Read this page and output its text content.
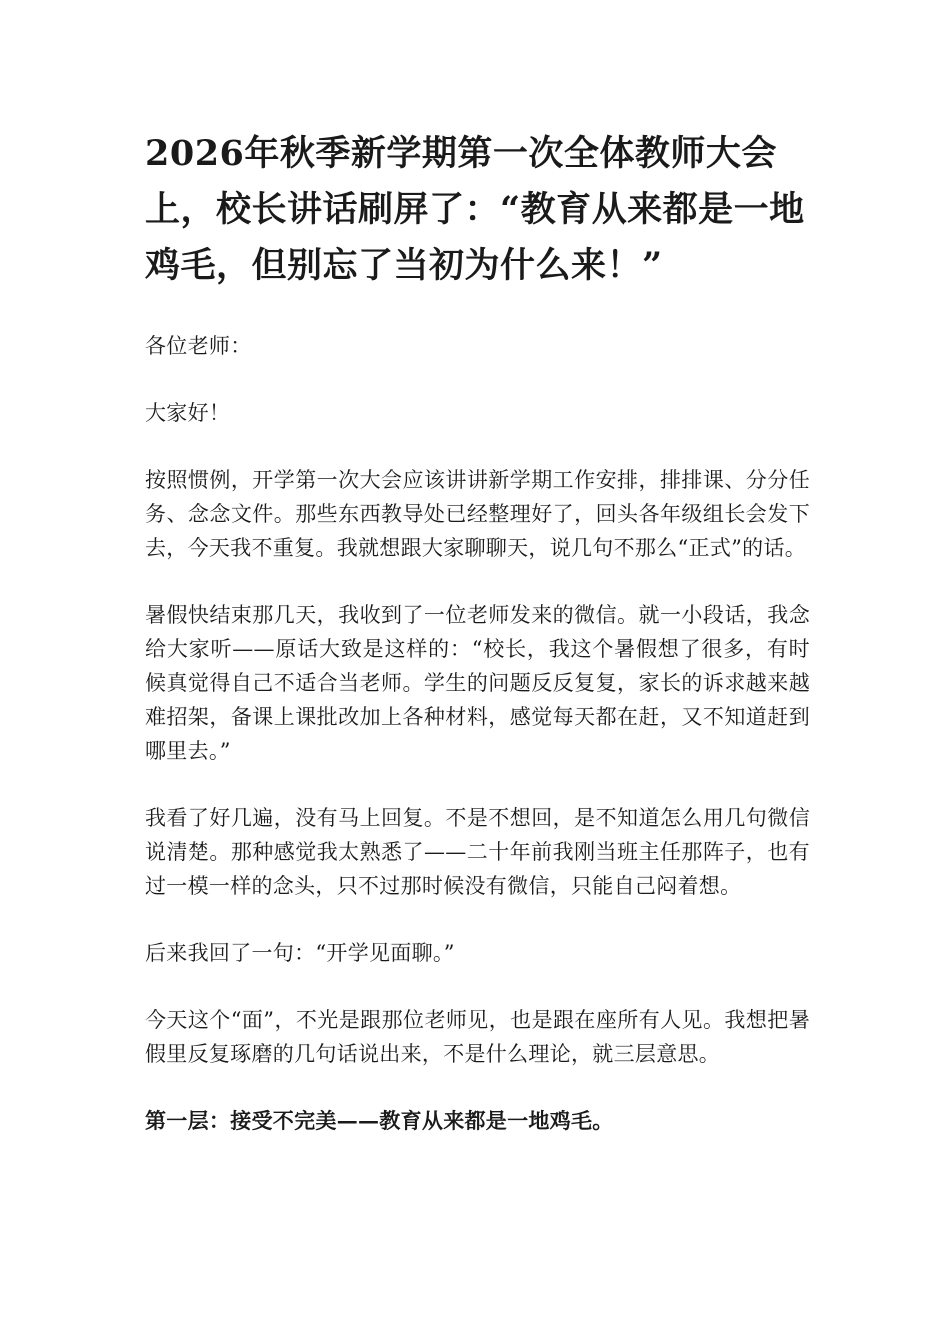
2026年秋季新学期第一次全体教师大会上，校长讲话刷屏了：“教育从来都是一地鸡毛，但别忘了当初为什么来！”

各位老师：

大家好！

按照惯例，开学第一次大会应该讲讲新学期工作安排，排排课、分分任务、念念文件。那些东西教导处已经整理好了，回头各年级组长会发下去，今天我不重复。我就想跟大家聊聊天，说几句不那么“正式”的话。

暑假快结束那几天，我收到了一位老师发来的微信。就一小段话，我念给大家听——原话大致是这样的：“校长，我这个暑假想了很多，有时候真觉得自己不适合当老师。学生的问题反反复复，家长的诉求越来越难招架，备课上课批改加上各种材料，感觉每天都在赶，又不知道赶到哪里去。”

我看了好几遍，没有马上回复。不是不想回，是不知道怎么用几句微信说清楚。那种感觉我太熟悉了——二十年前我刚当班主任那阵子，也有过一模一样的念头，只不过那时候没有微信，只能自己闷着想。

后来我回了一句：“开学见面聊。”

今天这个“面”，不光是跟那位老师见，也是跟在座所有人见。我想把暑假里反复琢磨的几句话说出来，不是什么理论，就三层意思。

第一层：接受不完美——教育从来都是一地鸡毛。
